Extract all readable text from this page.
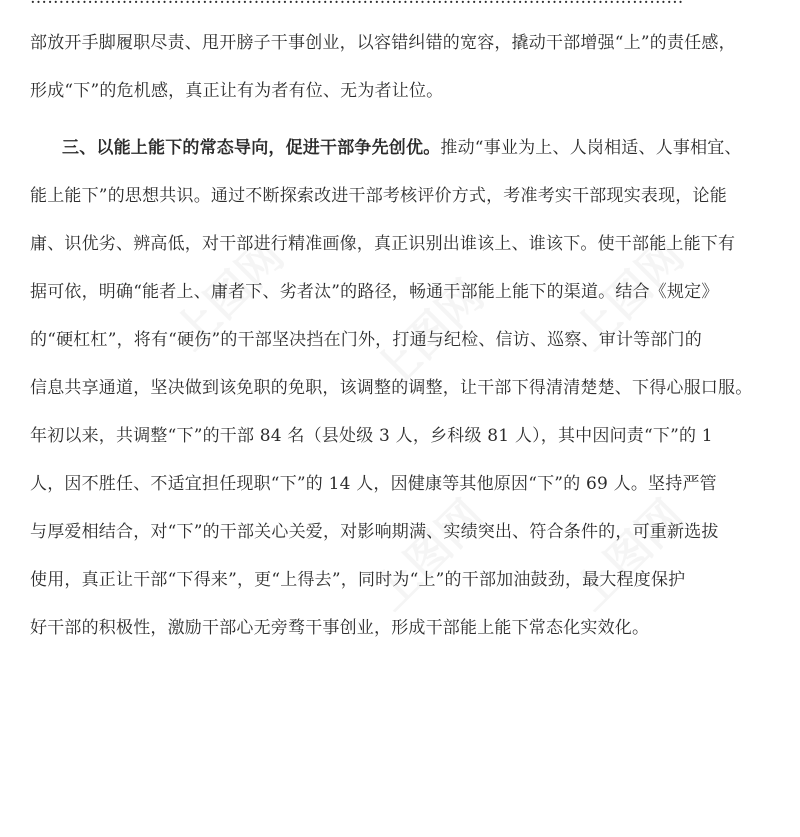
上图网 上图网 上图网
上图网 上图网
部放开手脚履职尽责、甩开膀子干事创业，以容错纠错的宽容，撬动干部增强“上”的责任感，
形成“下”的危机感，真正让有为者有位、无为者让位。
三、以能上能下的常态导向，促进干部争先创优。推动“事业为上、人岗相适、人事相宜、
能上能下”的思想共识。通过不断探索改进干部考核评价方式，考准考实干部现实表现，论能
庸、识优劣、辨高低，对干部进行精准画像，真正识别出谁该上、谁该下。使干部能上能下有
据可依，明确“能者上、庸者下、劣者汰”的路径，畅通干部能上能下的渠道。结合《规定》
的“硬杠杠”，将有“硬伤”的干部坚决挡在门外，打通与纪检、信访、巡察、审计等部门的
信息共享通道，坚决做到该免职的免职，该调整的调整，让干部下得清清楚楚、下得心服口服。
年初以来，共调整“下”的干部 84 名（县处级 3 人，乡科级 81 人），其中因问责“下”的 1
人，因不胜任、不适宜担任现职“下”的 14 人，因健康等其他原因“下”的 69 人。坚持严管
与厚爱相结合，对“下”的干部关心关爱，对影响期满、实绩突出、符合条件的，可重新选拔
使用，真正让干部“下得来”，更“上得去”，同时为“上”的干部加油鼓劲，最大程度保护
好干部的积极性，激励干部心无旁骛干事创业，形成干部能上能下常态化实效化。
